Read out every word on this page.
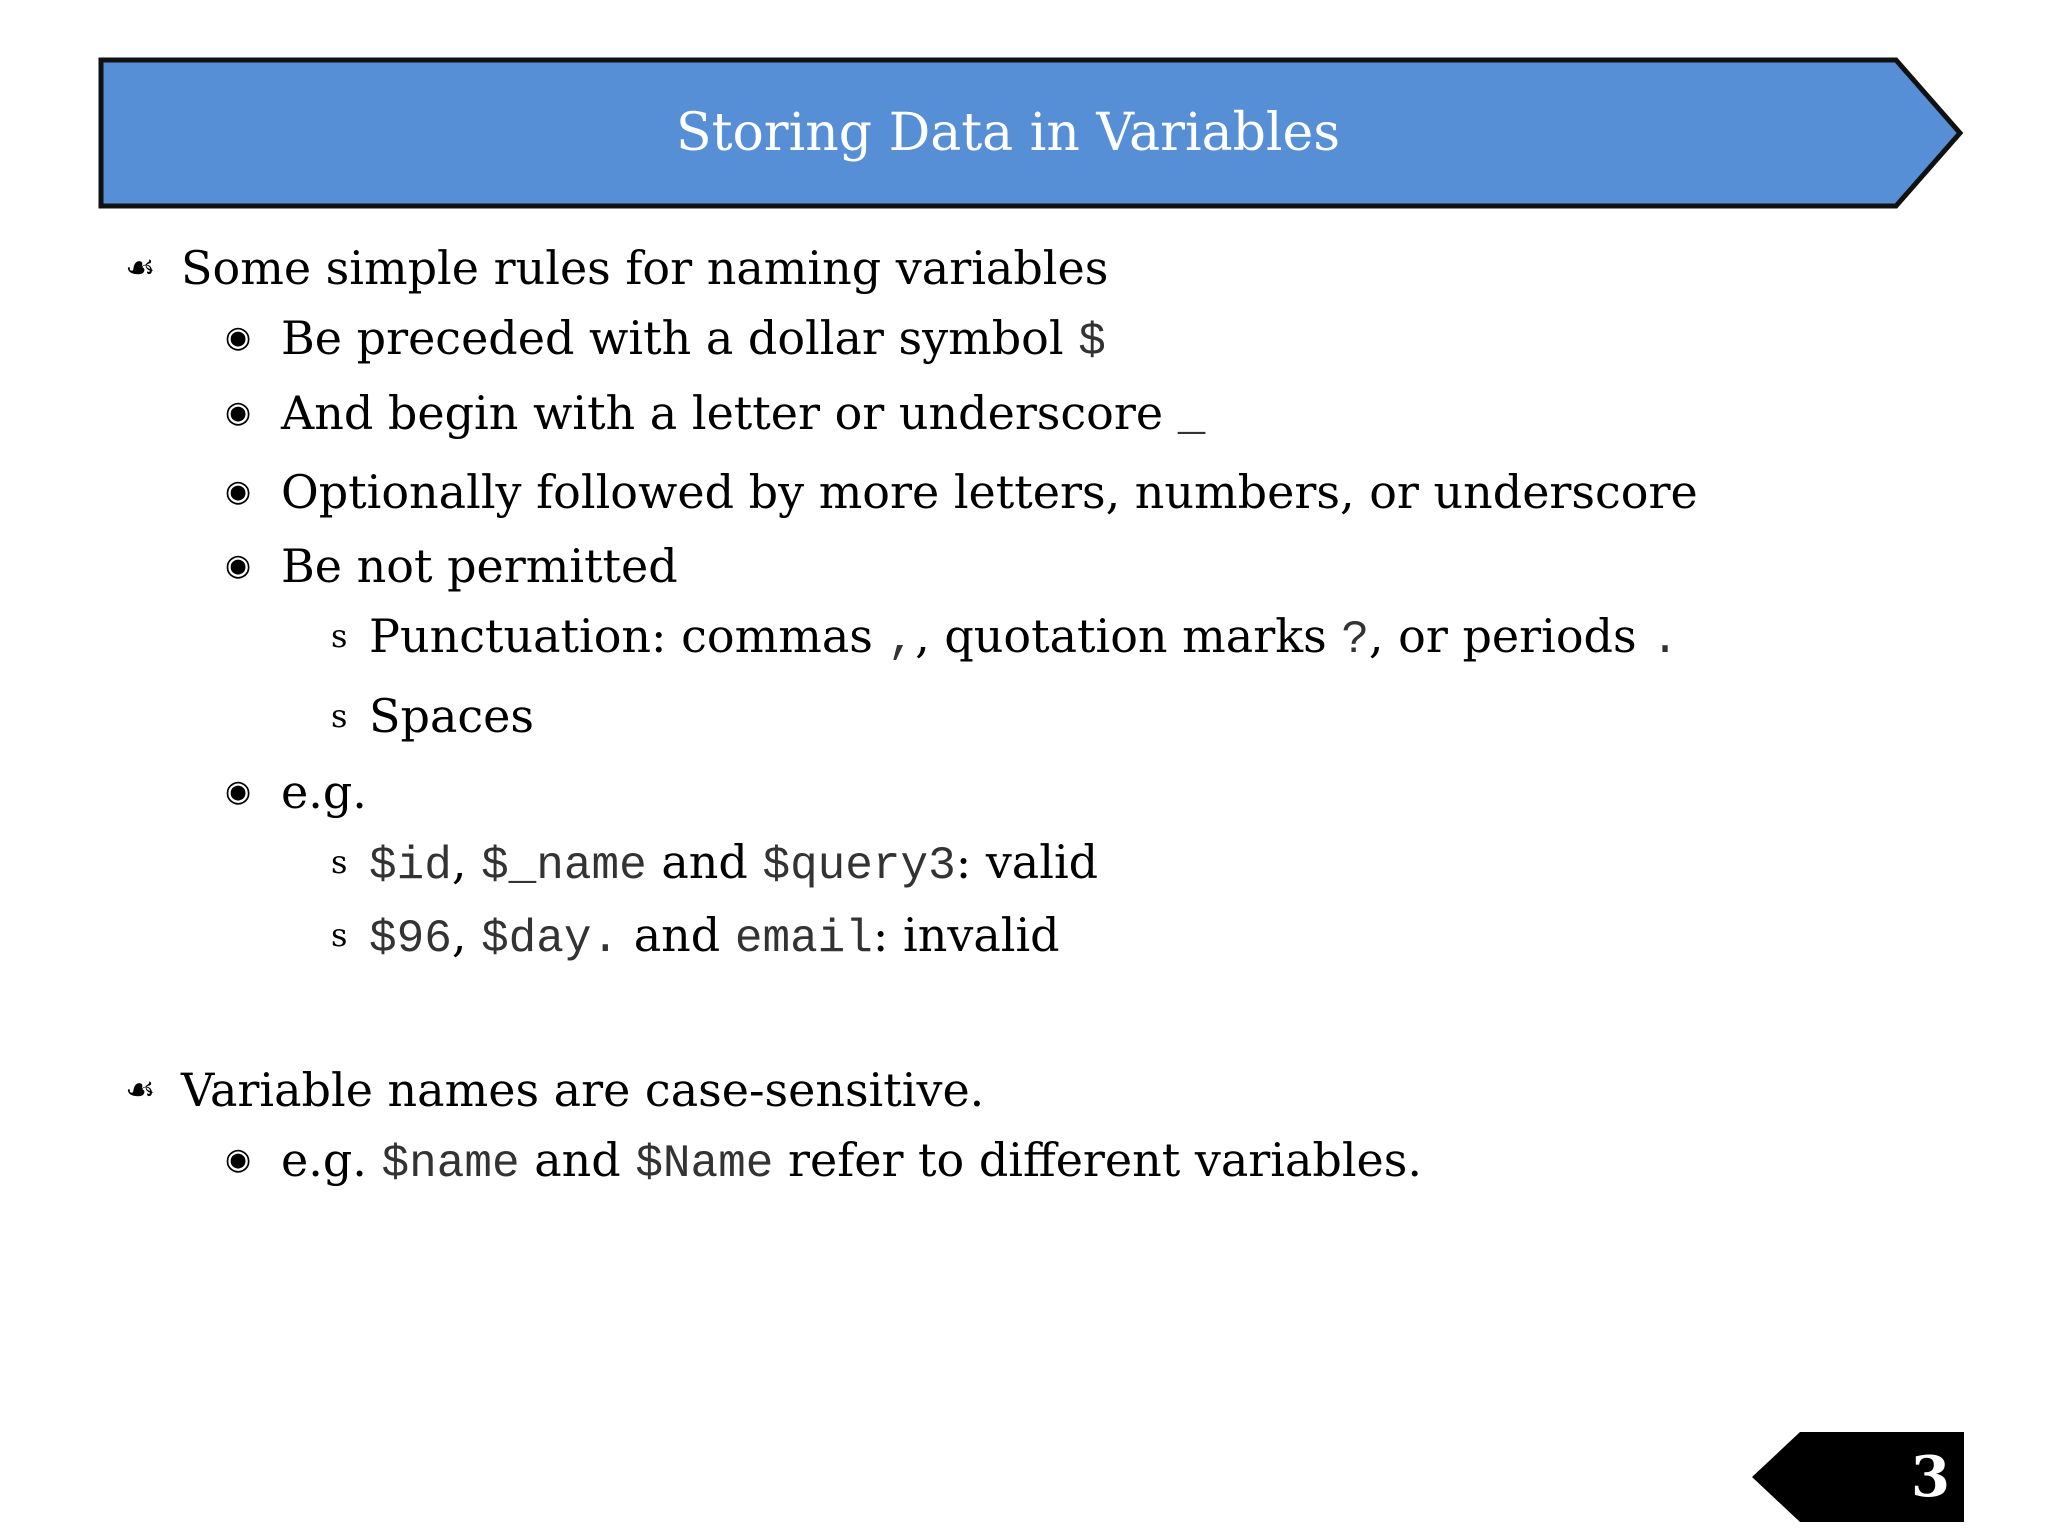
Storing Data in Variables
☙ Some simple rules for naming variables
◉ Be preceded with a dollar symbol $
◉ And begin with a letter or underscore _
◉ Optionally followed by more letters, numbers, or underscore
◉ Be not permitted
s Punctuation: commas ,, quotation marks ?, or periods .
s Spaces
◉ e.g.
s $id, $_name and $query3: valid
s $96, $day. and email: invalid
☙ Variable names are case-sensitive.
◉ e.g. $name and $Name refer to different variables.
3
